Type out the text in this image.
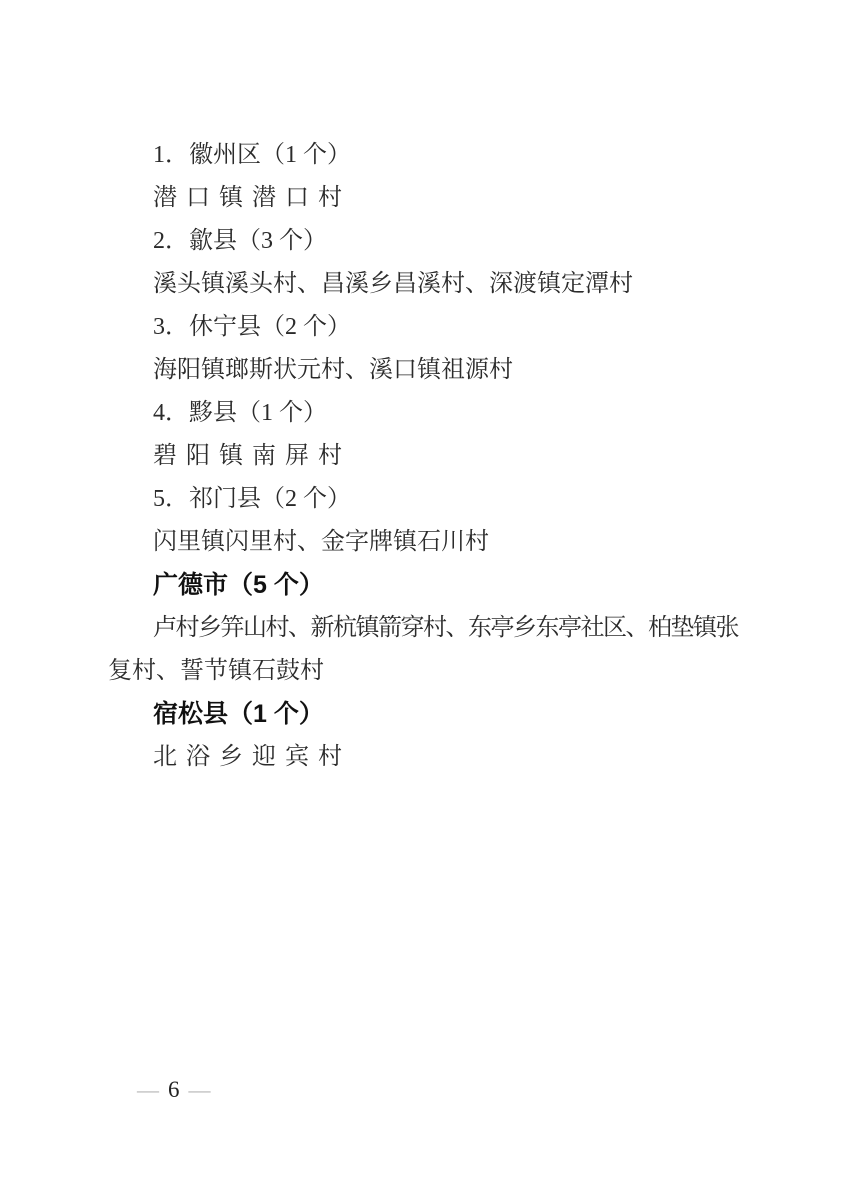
1．徽州区（1 个）
潜口镇潜口村
2．歙县（3 个）
溪头镇溪头村、昌溪乡昌溪村、深渡镇定潭村
3．休宁县（2 个）
海阳镇瑯斯状元村、溪口镇祖源村
4．黟县（1 个）
碧阳镇南屏村
5．祁门县（2 个）
闪里镇闪里村、金字牌镇石川村
广德市（5 个）
卢村乡笄山村、新杭镇箭穿村、东亭乡东亭社区、柏垫镇张
复村、誓节镇石鼓村
宿松县（1 个）
北浴乡迎宾村
— 6 —
